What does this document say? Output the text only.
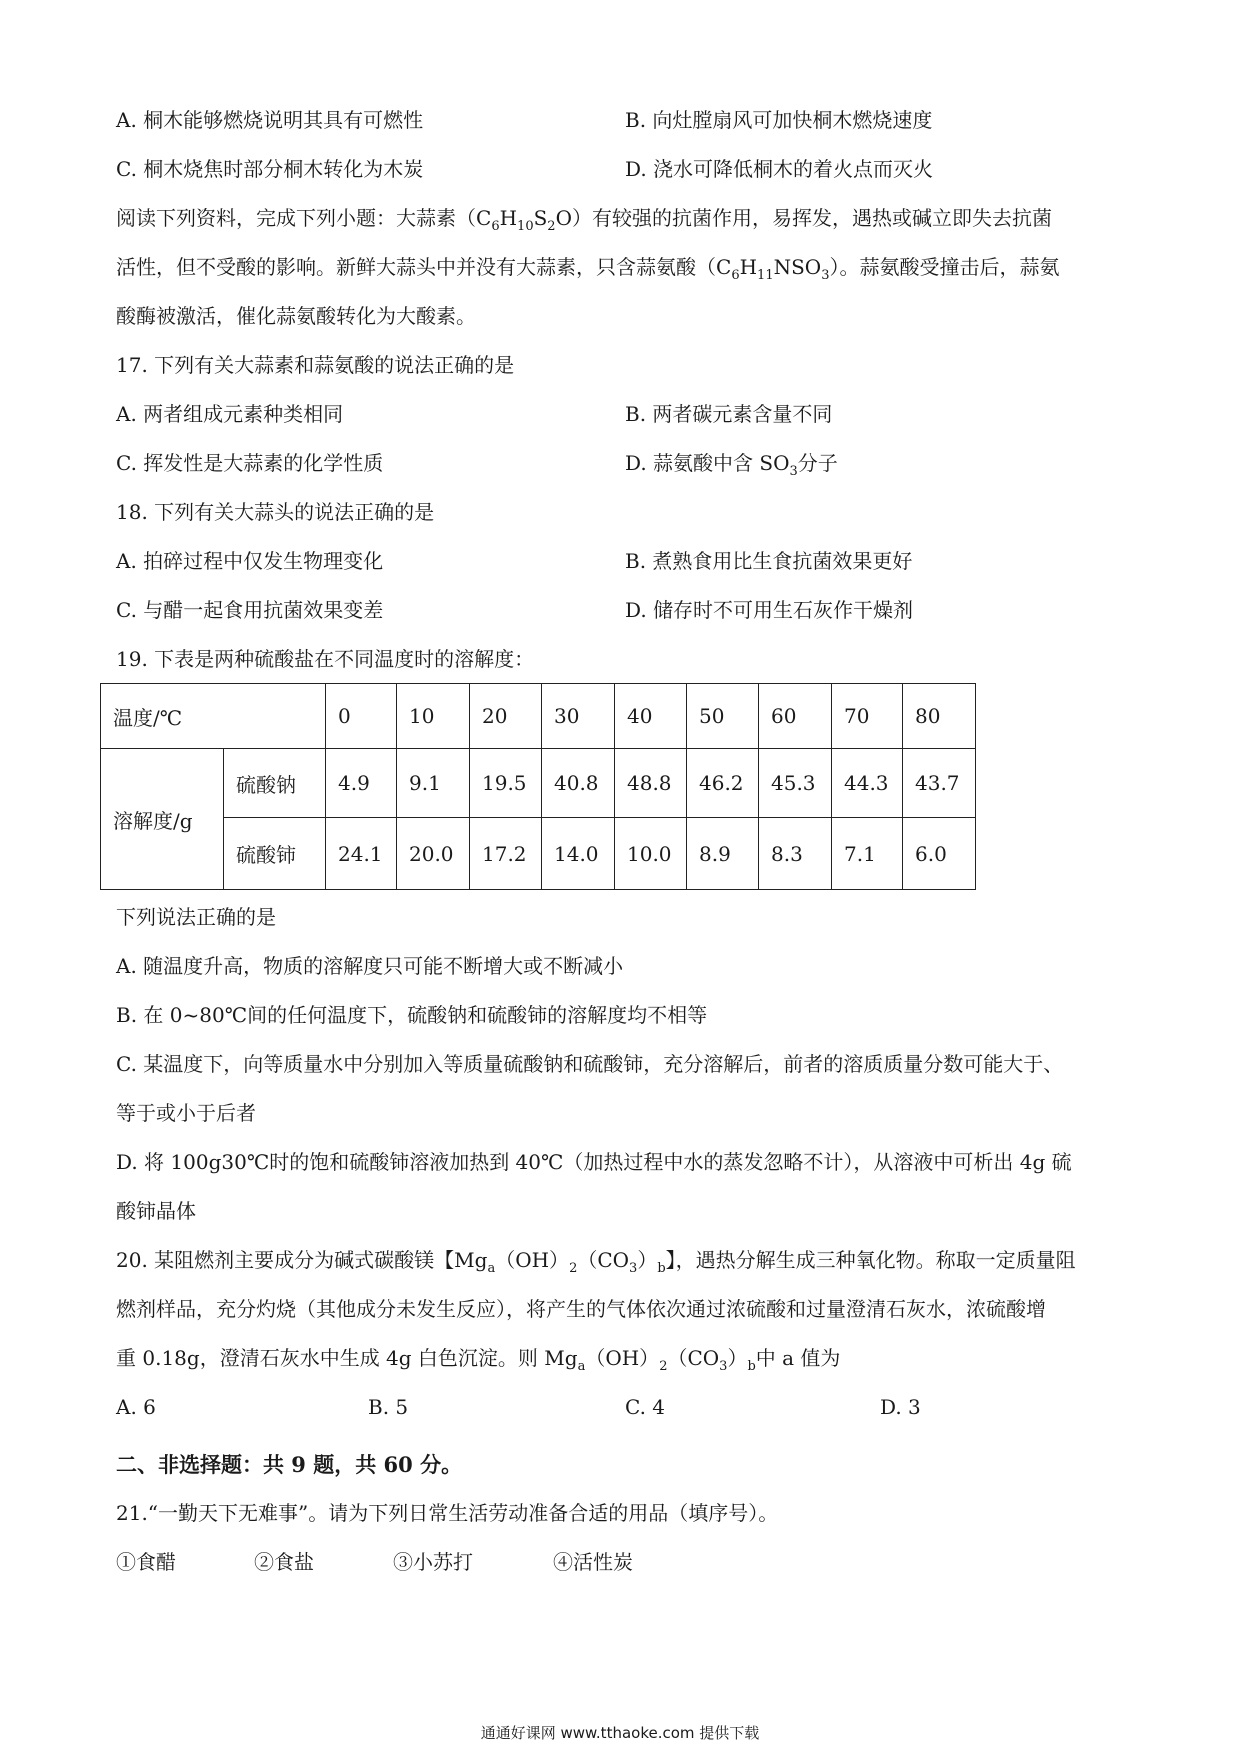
A. 桐木能够燃烧说明其具有可燃性	B. 向灶膛扇风可加快桐木燃烧速度
C. 桐木烧焦时部分桐木转化为木炭	D. 浇水可降低桐木的着火点而灭火
阅读下列资料，完成下列小题：大蒜素$(C_6H_{10}S_2O)$有较强的抗菌作用，易挥发，遇热或碱立即失去抗菌
活性，但不受酸的影响。新鲜大蒜头中并没有大蒜素，只含蒜氨酸$(C_6H_{11}NSO_3)$。蒜氨酸受撞击后，蒜氨
酸酶被激活，催化蒜氨酸转化为大酸素。
17. 下列有关大蒜素和蒜氨酸的说法正确的是
A. 两者组成元素种类相同	B. 两者碳元素含量不同
C. 挥发性是大蒜素的化学性质	D. 蒜氨酸中含 $SO_3$分子
18. 下列有关大蒜头的说法正确的是
A. 拍碎过程中仅发生物理变化	B. 煮熟食用比生食抗菌效果更好
C. 与醋一起食用抗菌效果变差	D. 储存时不可用生石灰作干燥剂
19. 下表是两种硫酸盐在不同温度时的溶解度：
温度/℃		0	10	20	30	40	50	60	70	80
溶解度/g	硫酸钠	4.9	9.1	19.5	40.8	48.8	46.2	45.3	44.3	43.7
	硫酸铈	24.1	20.0	17.2	14.0	10.0	8.9	8.3	7.1	6.0
下列说法正确的是
A. 随温度升高，物质的溶解度只可能不断增大或不断减小
B. 在 0~80℃间的任何温度下，硫酸钠和硫酸铈的溶解度均不相等
C. 某温度下，向等质量水中分别加入等质量硫酸钠和硫酸铈，充分溶解后，前者的溶质质量分数可能大于、
等于或小于后者
D. 将 100g30℃时的饱和硫酸铈溶液加热到 40℃（加热过程中水的蒸发忽略不计），从溶液中可析出 4g 硫
酸铈晶体
20. 某阻燃剂主要成分为碱式碳酸镁【$Mg_a(OH)_2(CO_3)_b$】，遇热分解生成三种氧化物。称取一定质量阻
燃剂样品，充分灼烧（其他成分未发生反应），将产生的气体依次通过浓硫酸和过量澄清石灰水，浓硫酸增
重 0.18g，澄清石灰水中生成 4g 白色沉淀。则 $Mg_a(OH)_2(CO_3)_b$中 a 值为
A. 6	B. 5	C. 4	D. 3
二、非选择题：共 9 题，共 60 分。
21.“一勤天下无难事”。请为下列日常生活劳动准备合适的用品（填序号）。
①食醋	②食盐	③小苏打	④活性炭
通通好课网 www.tthaoke.com 提供下载
